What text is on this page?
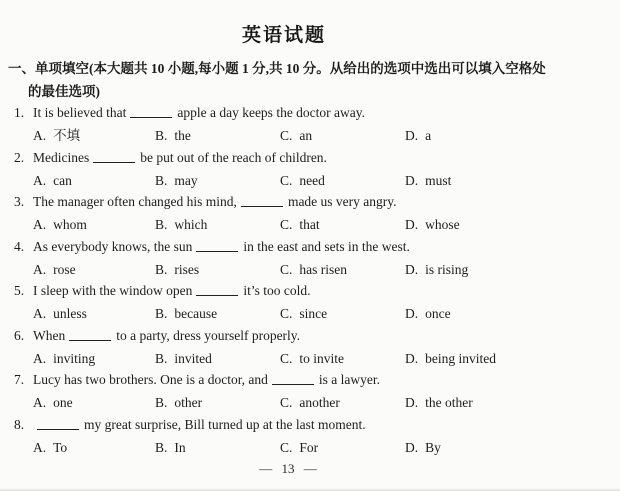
英语试题
一、单项填空(本大题共 10 小题,每小题 1 分,共 10 分。从给出的选项中选出可以填入空格处
的最佳选项)
1. It is believed that	apple a day keeps the doctor away.
A. 不填	B. the	C. an	D. a
2. Medicines	be put out of the reach of children.
A. can	B. may	C. need	D. must
3. The manager often changed his mind,	made us very angry.
A. whom	B. which	C. that	D. whose
4. As everybody knows, the sun	in the east and sets in the west.
A. rose	B. rises	C. has risen	D. is rising
5. I sleep with the window open	it’s too cold.
A. unless	B. because	C. since	D. once
6. When	to a party, dress yourself properly.
A. inviting	B. invited	C. to invite	D. being invited
7. Lucy has two brothers. One is a doctor, and	is a lawyer.
A. one	B. other	C. another	D. the other
8.	my great surprise, Bill turned up at the last moment.
A. To	B. In	C. For	D. By
— 13 —
